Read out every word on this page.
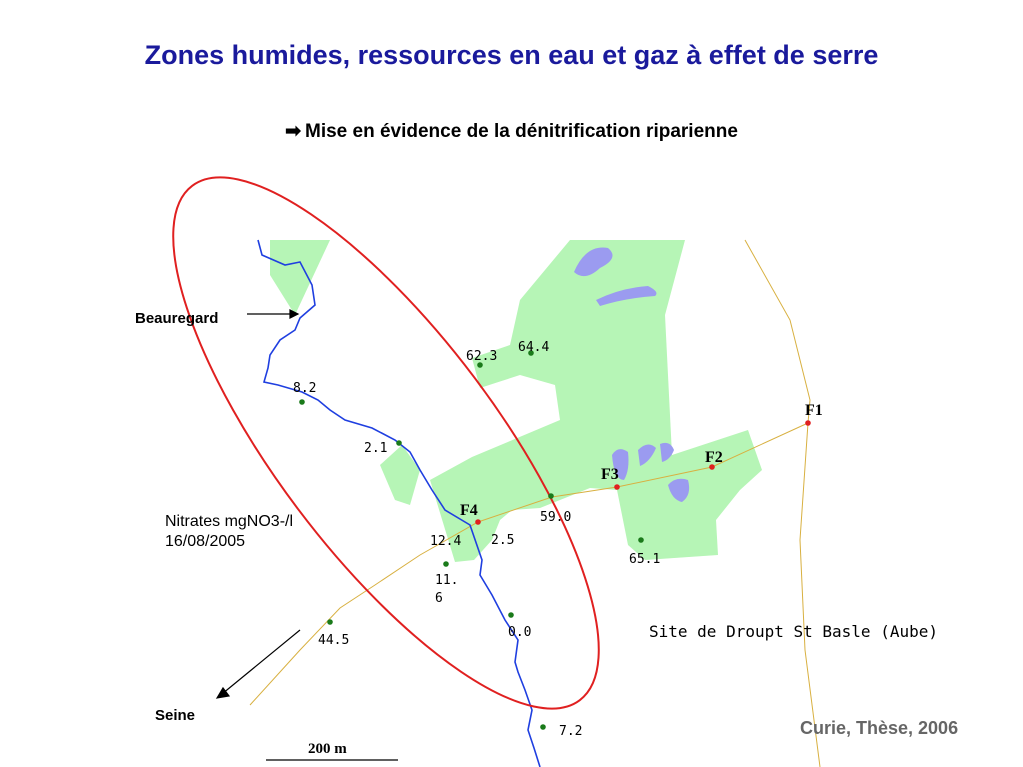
Zones humides, ressources en eau et gaz à effet de serre
➡ Mise en évidence de la dénitrification riparienne
F1
F2
F3
F4
64.4
62.3
8.2
2.1
59.0
12.4 2.5
11.
6
65.1
0.0
44.5
7.2
Beauregard
Seine
Nitrates mgNO3-/l
16/08/2005
Site de Droupt St Basle (Aube)
Curie, Thèse, 2006
200 m
